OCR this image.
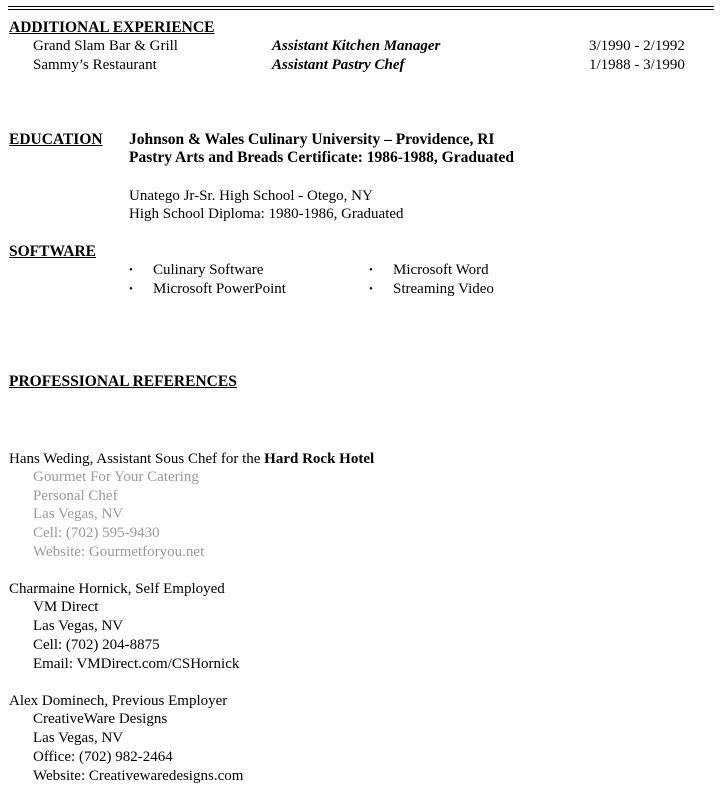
ADDITIONAL EXPERIENCE
Grand Slam Bar & Grill	Assistant Kitchen Manager	3/1990 - 2/1992
Sammy’s Restaurant	Assistant Pastry Chef	1/1988 - 3/1990
EDUCATION Johnson & Wales Culinary University – Providence, RI
Pastry Arts and Breads Certificate: 1986-1988, Graduated
Unatego Jr-Sr. High School - Otego, NY
High School Diploma: 1980-1986, Graduated
SOFTWARE
• Culinary Software
• Microsoft PowerPoint
• Microsoft Word
• Streaming Video
PROFESSIONAL REFERENCES
Hans Weding, Assistant Sous Chef for the Hard Rock Hotel
Gourmet For Your Catering
Personal Chef
Las Vegas, NV
Cell: (702) 595-9430
Website: Gourmetforyou.net
Charmaine Hornick, Self Employed
VM Direct
Las Vegas, NV
Cell: (702) 204-8875
Email: VMDirect.com/CSHornick
Alex Dominech, Previous Employer
CreativeWare Designs
Las Vegas, NV
Office: (702) 982-2464
Website: Creativewaredesigns.com
